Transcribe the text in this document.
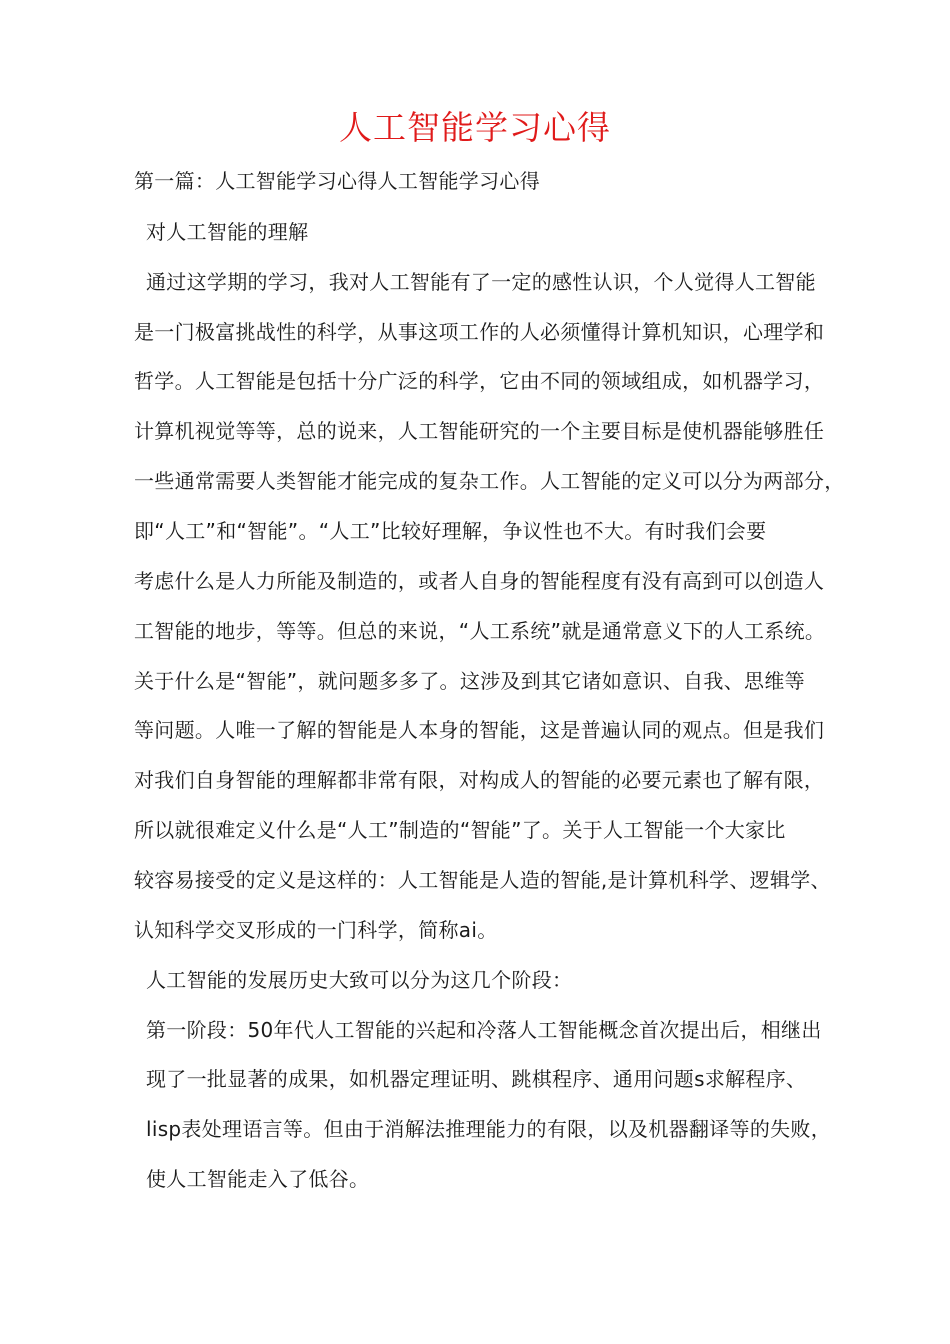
人工智能学习心得
第一篇：人工智能学习心得人工智能学习心得
对人工智能的理解
通过这学期的学习，我对人工智能有了一定的感性认识，个人觉得人工智能
是一门极富挑战性的科学，从事这项工作的人必须懂得计算机知识，心理学和
哲学。人工智能是包括十分广泛的科学，它由不同的领域组成，如机器学习，
计算机视觉等等，总的说来，人工智能研究的一个主要目标是使机器能够胜任
一些通常需要人类智能才能完成的复杂工作。人工智能的定义可以分为两部分，
即“人工”和“智能”。“人工”比较好理解，争议性也不大。有时我们会要
考虑什么是人力所能及制造的，或者人自身的智能程度有没有高到可以创造人
工智能的地步，等等。但总的来说，“人工系统”就是通常意义下的人工系统。
关于什么是“智能”，就问题多多了。这涉及到其它诸如意识、自我、思维等
等问题。人唯一了解的智能是人本身的智能，这是普遍认同的观点。但是我们
对我们自身智能的理解都非常有限，对构成人的智能的必要元素也了解有限，
所以就很难定义什么是“人工”制造的“智能”了。关于人工智能一个大家比
较容易接受的定义是这样的：人工智能是人造的智能,是计算机科学、逻辑学、
认知科学交叉形成的一门科学，简称ai。
人工智能的发展历史大致可以分为这几个阶段：
第一阶段：50年代人工智能的兴起和冷落人工智能概念首次提出后，相继出
现了一批显著的成果，如机器定理证明、跳棋程序、通用问题s求解程序、
lisp表处理语言等。但由于消解法推理能力的有限，以及机器翻译等的失败，
使人工智能走入了低谷。
